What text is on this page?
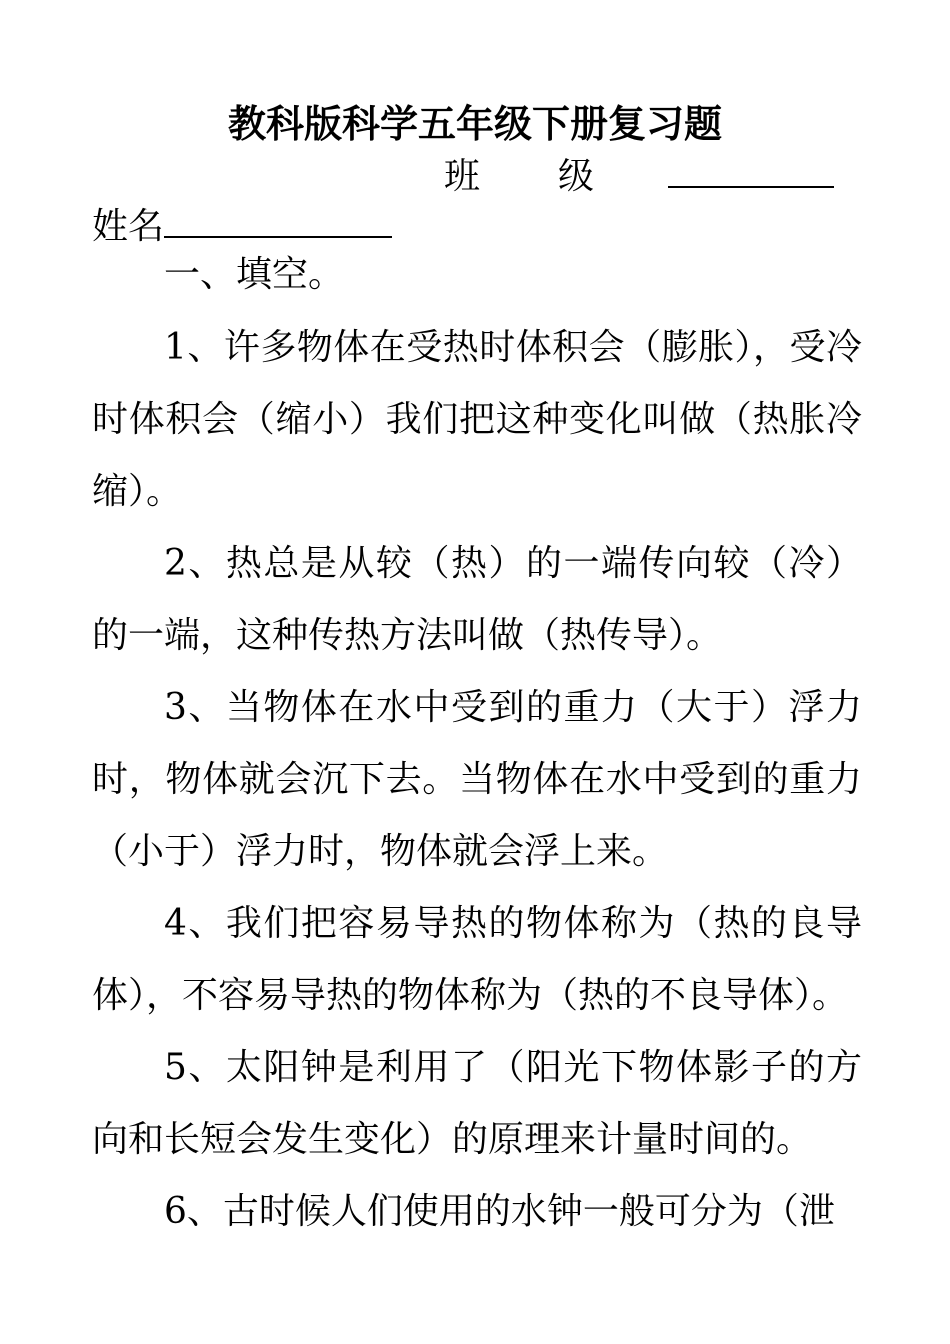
教科版科学五年级下册复习题
班 级
姓名
一、填空。

1、许多物体在受热时体积会（膨胀），受冷时体积会（缩小）我们把这种变化叫做（热胀冷缩）。

2、热总是从较（热）的一端传向较（冷）的一端，这种传热方法叫做（热传导）。

3、当物体在水中受到的重力（大于）浮力时，物体就会沉下去。当物体在水中受到的重力（小于）浮力时，物体就会浮上来。

4、我们把容易导热的物体称为（热的良导体），不容易导热的物体称为（热的不良导体）。

5、太阳钟是利用了（阳光下物体影子的方向和长短会发生变化）的原理来计量时间的。

6、古时候人们使用的水钟一般可分为（泄
